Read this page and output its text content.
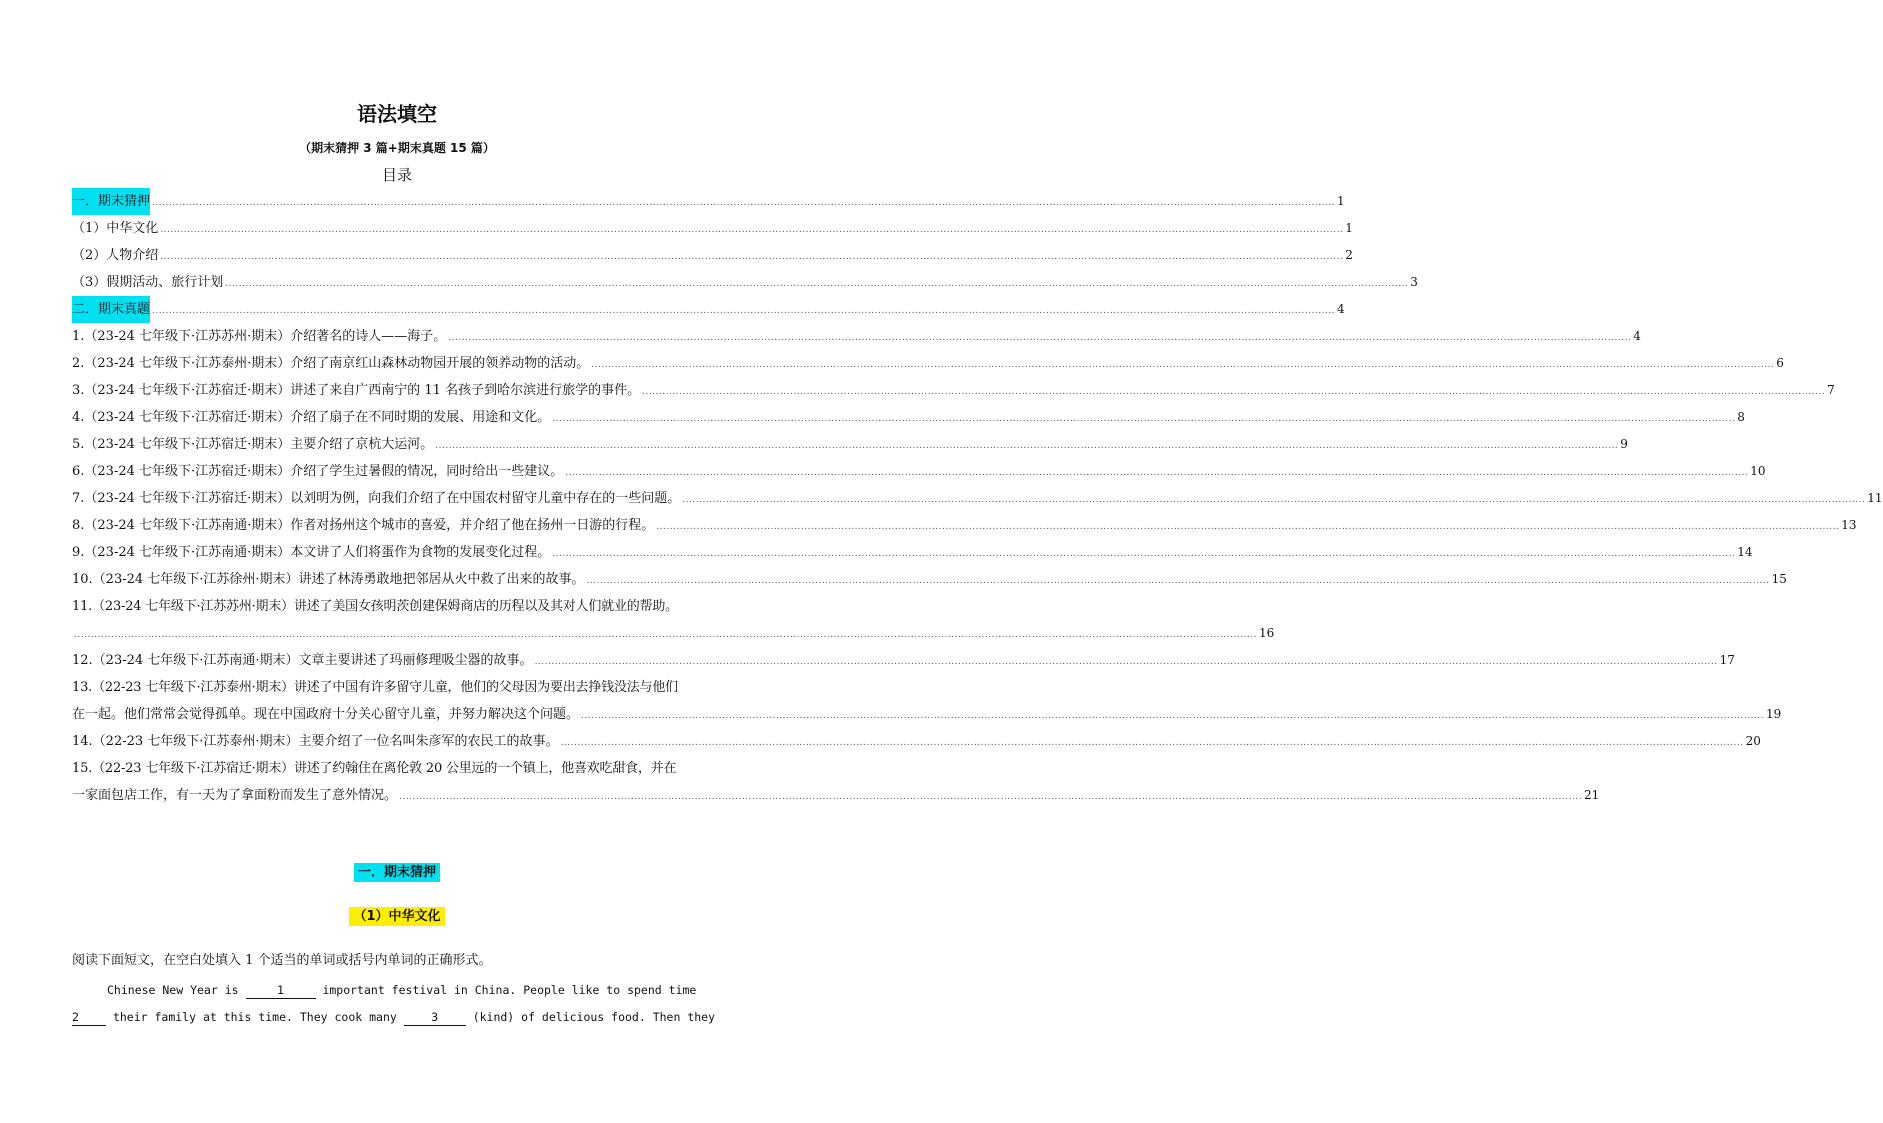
语法填空
（期末猜押 3 篇+期末真题 15 篇）
目录
一．期末猜押 ................................................................................................................................................................................................................................................................................................................................................................ 1
（1）中华文化 ................................................................................................................................................................................................................................................................................................................................................................ 1
（2）人物介绍 ................................................................................................................................................................................................................................................................................................................................................................ 2
（3）假期活动、旅行计划 ................................................................................................................................................................................................................................................................................................................................................................ 3
二．期末真题 ................................................................................................................................................................................................................................................................................................................................................................ 4
1.（23-24 七年级下·江苏苏州·期末）介绍著名的诗人——海子。 ................................................................................................................................................................................................................................................................................................................................................................ 4
2.（23-24 七年级下·江苏泰州·期末）介绍了南京红山森林动物园开展的领养动物的活动。 ................................................................................................................................................................................................................................................................................................................................................................ 6
3.（23-24 七年级下·江苏宿迁·期末）讲述了来自广西南宁的 11 名孩子到哈尔滨进行旅学的事件。 ................................................................................................................................................................................................................................................................................................................................................................ 7
4.（23-24 七年级下·江苏宿迁·期末）介绍了扇子在不同时期的发展、用途和文化。 ................................................................................................................................................................................................................................................................................................................................................................ 8
5.（23-24 七年级下·江苏宿迁·期末）主要介绍了京杭大运河。 ................................................................................................................................................................................................................................................................................................................................................................ 9
6.（23-24 七年级下·江苏宿迁·期末）介绍了学生过暑假的情况，同时给出一些建议。 ................................................................................................................................................................................................................................................................................................................................................................ 10
7.（23-24 七年级下·江苏宿迁·期末）以刘明为例，向我们介绍了在中国农村留守儿童中存在的一些问题。 ................................................................................................................................................................................................................................................................................................................................................................ 11
8.（23-24 七年级下·江苏南通·期末）作者对扬州这个城市的喜爱，并介绍了他在扬州一日游的行程。 ................................................................................................................................................................................................................................................................................................................................................................ 13
9.（23-24 七年级下·江苏南通·期末）本文讲了人们将蛋作为食物的发展变化过程。 ................................................................................................................................................................................................................................................................................................................................................................ 14
10.（23-24 七年级下·江苏徐州·期末）讲述了林涛勇敢地把邻居从火中救了出来的故事。 ................................................................................................................................................................................................................................................................................................................................................................ 15
11.（23-24 七年级下·江苏苏州·期末）讲述了美国女孩明茨创建保姆商店的历程以及其对人们就业的帮助。
................................................................................................................................................................................................................................................................................................................................................................ 16
12.（23-24 七年级下·江苏南通·期末）文章主要讲述了玛丽修理吸尘器的故事。 ................................................................................................................................................................................................................................................................................................................................................................ 17
13.（22-23 七年级下·江苏泰州·期末）讲述了中国有许多留守儿童，他们的父母因为要出去挣钱没法与他们
在一起。他们常常会觉得孤单。现在中国政府十分关心留守儿童，并努力解决这个问题。 ................................................................................................................................................................................................................................................................................................................................................................ 19
14.（22-23 七年级下·江苏泰州·期末）主要介绍了一位名叫朱彦军的农民工的故事。 ................................................................................................................................................................................................................................................................................................................................................................ 20
15.（22-23 七年级下·江苏宿迁·期末）讲述了约翰住在离伦敦 20 公里远的一个镇上，他喜欢吃甜食，并在
一家面包店工作，有一天为了拿面粉而发生了意外情况。 ................................................................................................................................................................................................................................................................................................................................................................ 21
一．期末猜押
（1）中华文化
阅读下面短文，在空白处填入 1 个适当的单词或括号内单词的正确形式。

Chinese New Year is	1	important festival in China. People like to spend time

2	their family at this time. They cook many	3	(kind) of delicious food. Then they
